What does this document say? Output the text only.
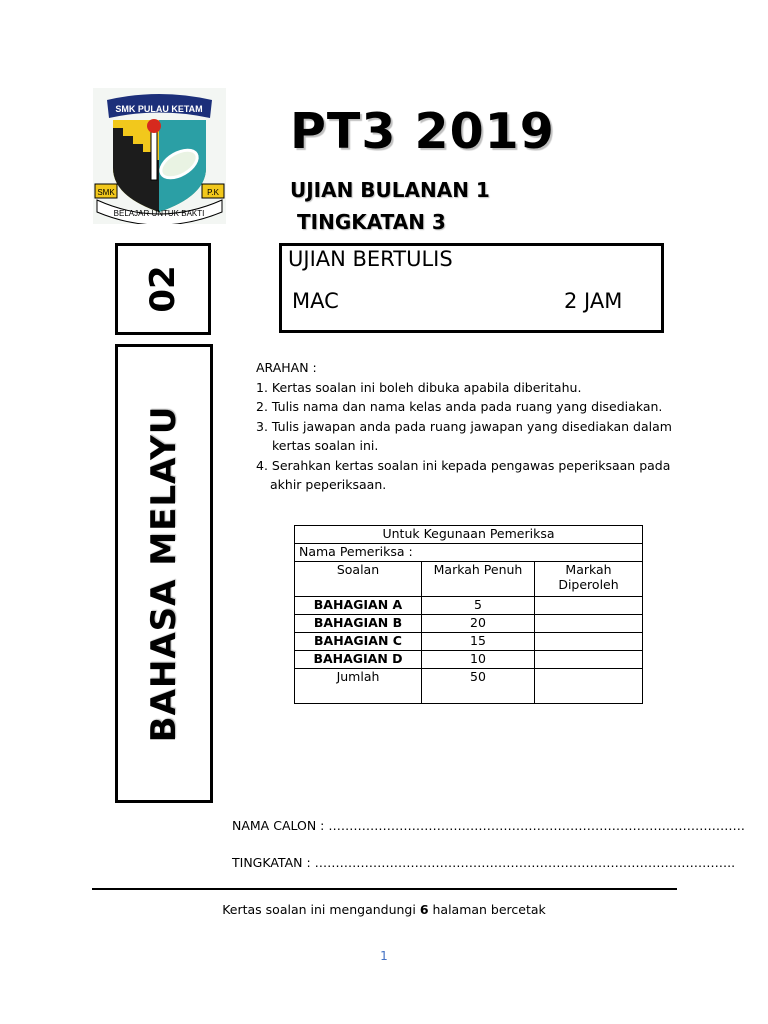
SMK PULAU KETAM
SMK	P.K
BELAJAR UNTUK BAKTI
PT3 2019
UJIAN BULANAN 1
TINGKATAN 3
UJIAN BERTULIS
MAC	2 JAM
02
BAHASA MELAYU
ARAHAN :
1. Kertas soalan ini boleh dibuka apabila diberitahu.
2. Tulis nama dan nama kelas anda pada ruang yang disediakan.
3. Tulis jawapan anda pada ruang jawapan yang disediakan dalam
kertas soalan ini.
4. Serahkan kertas soalan ini kepada pengawas peperiksaan pada
akhir peperiksaan.
Untuk Kegunaan Pemeriksa		
Nama Pemeriksa :		
Soalan	Markah Penuh	Markah
Diperoleh

BAHAGIAN A	5	
BAHAGIAN B	20	
BAHAGIAN C	15	
BAHAGIAN D	10	
Jumlah	50	
NAMA CALON : ……………………………………………………………………………………….
TINGKATAN : ………………………………………………………………………………………..
Kertas soalan ini mengandungi 6 halaman bercetak
1
